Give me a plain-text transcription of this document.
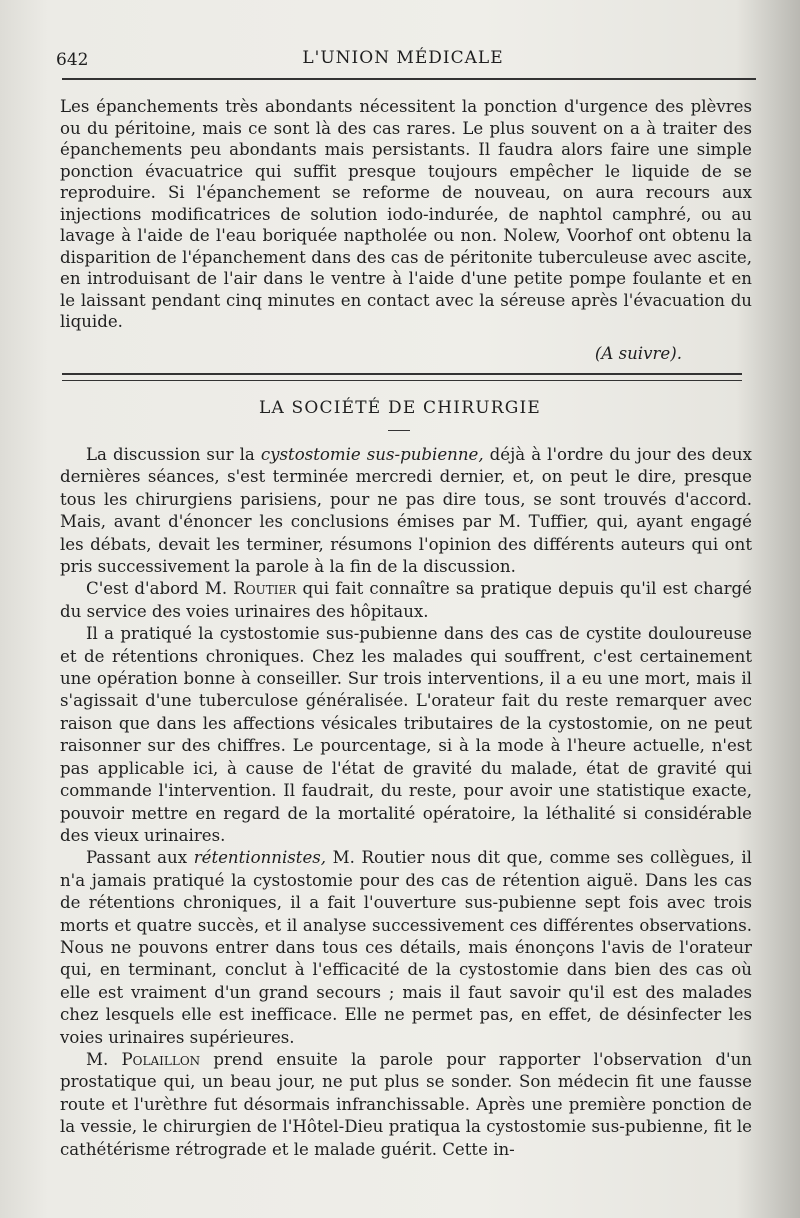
642	L'UNION MÉDICALE

Les épanchements très abondants nécessitent la ponction d'urgence des plèvres ou du péritoine, mais ce sont là des cas rares. Le plus souvent on a à traiter des épanchements peu abondants mais persistants. Il faudra alors faire une simple ponction évacuatrice qui suffit presque toujours empêcher le liquide de se reproduire. Si l'épanchement se reforme de nouveau, on aura recours aux injections modificatrices de solution iodo-indurée, de naphtol camphré, ou au lavage à l'aide de l'eau boriquée naptholée ou non. Nolew, Voorhof ont obtenu la disparition de l'épanchement dans des cas de péritonite tuberculeuse avec ascite, en introduisant de l'air dans le ventre à l'aide d'une petite pompe foulante et en le laissant pendant cinq minutes en contact avec la séreuse après l'évacuation du liquide.

(A suivre).
LA SOCIÉTÉ DE CHIRURGIE

La discussion sur la cystostomie sus-pubienne, déjà à l'ordre du jour des deux dernières séances, s'est terminée mercredi dernier, et, on peut le dire, presque tous les chirurgiens parisiens, pour ne pas dire tous, se sont trouvés d'accord. Mais, avant d'énoncer les conclusions émises par M. Tuffier, qui, ayant engagé les débats, devait les terminer, résumons l'opinion des différents auteurs qui ont pris successivement la parole à la fin de la discussion.

C'est d'abord M. Routier qui fait connaître sa pratique depuis qu'il est chargé du service des voies urinaires des hôpitaux.

Il a pratiqué la cystostomie sus-pubienne dans des cas de cystite douloureuse et de rétentions chroniques. Chez les malades qui souffrent, c'est certainement une opération bonne à conseiller. Sur trois interventions, il a eu une mort, mais il s'agissait d'une tuberculose généralisée. L'orateur fait du reste remarquer avec raison que dans les affections vésicales tributaires de la cystostomie, on ne peut raisonner sur des chiffres. Le pourcentage, si à la mode à l'heure actuelle, n'est pas applicable ici, à cause de l'état de gravité du malade, état de gravité qui commande l'intervention. Il faudrait, du reste, pour avoir une statistique exacte, pouvoir mettre en regard de la mortalité opératoire, la léthalité si considérable des vieux urinaires.

Passant aux rétentionnistes, M. Routier nous dit que, comme ses collègues, il n'a jamais pratiqué la cystostomie pour des cas de rétention aiguë. Dans les cas de rétentions chroniques, il a fait l'ouverture sus-pubienne sept fois avec trois morts et quatre succès, et il analyse successivement ces différentes observations. Nous ne pouvons entrer dans tous ces détails, mais énonçons l'avis de l'orateur qui, en terminant, conclut à l'efficacité de la cystostomie dans bien des cas où elle est vraiment d'un grand secours ; mais il faut savoir qu'il est des malades chez lesquels elle est inefficace. Elle ne permet pas, en effet, de désinfecter les voies urinaires supérieures.

M. Polaillon prend ensuite la parole pour rapporter l'observation d'un prostatique qui, un beau jour, ne put plus se sonder. Son médecin fit une fausse route et l'urèthre fut désormais infranchissable. Après une première ponction de la vessie, le chirurgien de l'Hôtel-Dieu pratiqua la cystostomie sus-pubienne, fit le cathétérisme rétrograde et le malade guérit. Cette in-
